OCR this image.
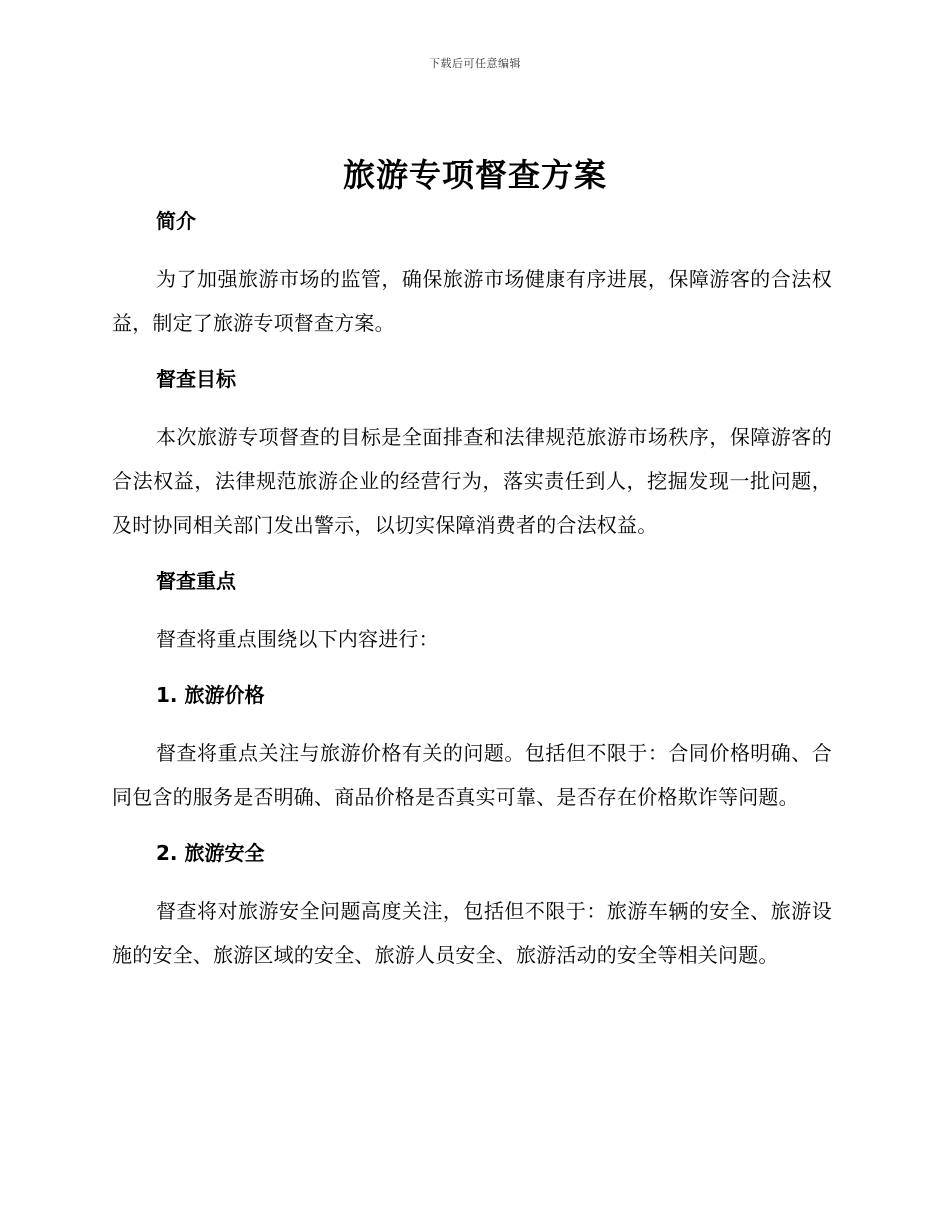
下载后可任意编辑
旅游专项督查方案
简介

为了加强旅游市场的监管，确保旅游市场健康有序进展，保障游客的合法权益，制定了旅游专项督查方案。

督查目标

本次旅游专项督查的目标是全面排查和法律规范旅游市场秩序，保障游客的合法权益，法律规范旅游企业的经营行为，落实责任到人，挖掘发现一批问题，及时协同相关部门发出警示，以切实保障消费者的合法权益。

督查重点

督查将重点围绕以下内容进行：

1. 旅游价格

督查将重点关注与旅游价格有关的问题。包括但不限于：合同价格明确、合同包含的服务是否明确、商品价格是否真实可靠、是否存在价格欺诈等问题。

2. 旅游安全

督查将对旅游安全问题高度关注，包括但不限于：旅游车辆的安全、旅游设施的安全、旅游区域的安全、旅游人员安全、旅游活动的安全等相关问题。
